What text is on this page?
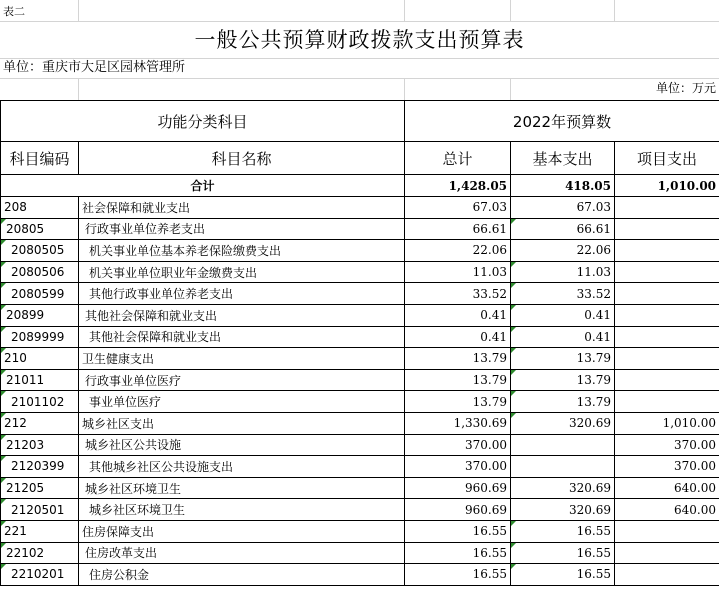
表二
一般公共预算财政拨款支出预算表
单位：重庆市大足区园林管理所
单位：万元
功能分类科目		2022年预算数		
科目编码	科目名称	总计	基本支出	项目支出
合计		1,428.05	418.05	1,010.00
208	社会保障和就业支出	67.03	67.03	
20805	行政事业单位养老支出	66.61	66.61	
2080505	机关事业单位基本养老保险缴费支出	22.06	22.06	
2080506	机关事业单位职业年金缴费支出	11.03	11.03	
2080599	其他行政事业单位养老支出	33.52	33.52	
20899	其他社会保障和就业支出	0.41	0.41	
2089999	其他社会保障和就业支出	0.41	0.41	
210	卫生健康支出	13.79	13.79	
21011	行政事业单位医疗	13.79	13.79	
2101102	事业单位医疗	13.79	13.79	
212	城乡社区支出	1,330.69	320.69	1,010.00
21203	城乡社区公共设施	370.00		370.00
2120399	其他城乡社区公共设施支出	370.00		370.00
21205	城乡社区环境卫生	960.69	320.69	640.00
2120501	城乡社区环境卫生	960.69	320.69	640.00
221	住房保障支出	16.55	16.55	
22102	住房改革支出	16.55	16.55	
2210201	住房公积金	16.55	16.55	
